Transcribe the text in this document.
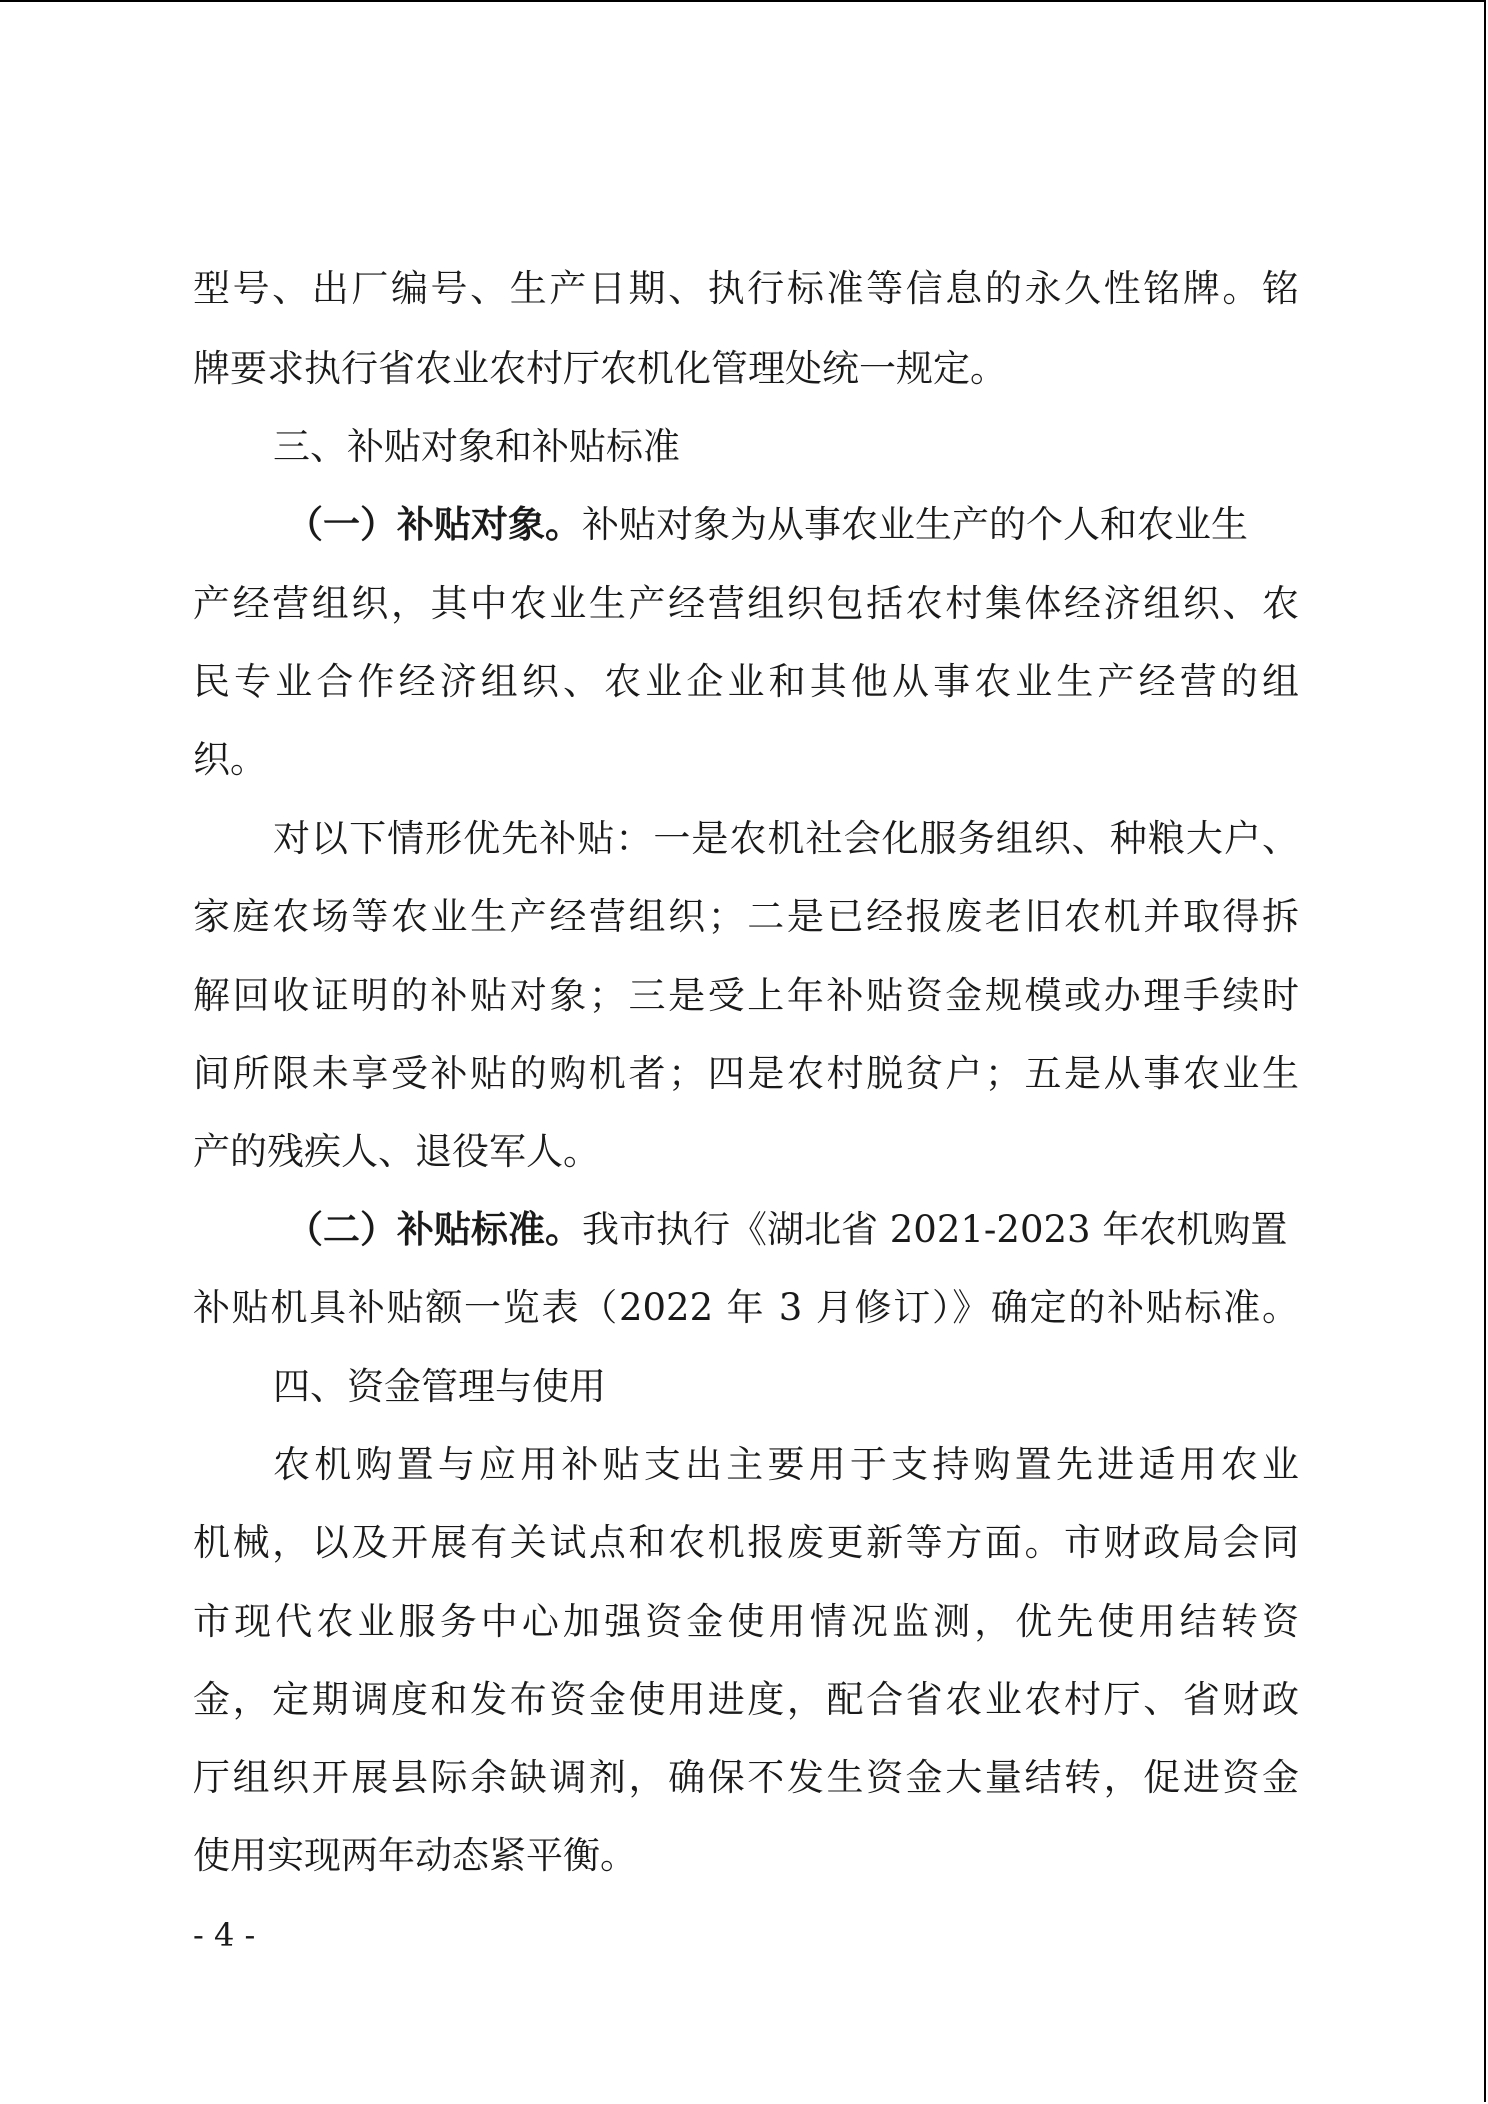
型号、出厂编号、生产日期、执行标准等信息的永久性铭牌。铭
牌要求执行省农业农村厅农机化管理处统一规定。
三、补贴对象和补贴标准
（一）补贴对象。补贴对象为从事农业生产的个人和农业生
产经营组织，其中农业生产经营组织包括农村集体经济组织、农
民专业合作经济组织、农业企业和其他从事农业生产经营的组
织。
对以下情形优先补贴：一是农机社会化服务组织、种粮大户、
家庭农场等农业生产经营组织；二是已经报废老旧农机并取得拆
解回收证明的补贴对象；三是受上年补贴资金规模或办理手续时
间所限未享受补贴的购机者；四是农村脱贫户；五是从事农业生
产的残疾人、退役军人。
（二）补贴标准。我市执行《湖北省 2021-2023 年农机购置
补贴机具补贴额一览表（2022 年 3 月修订）》确定的补贴标准。
四、资金管理与使用
农机购置与应用补贴支出主要用于支持购置先进适用农业
机械，以及开展有关试点和农机报废更新等方面。市财政局会同
市现代农业服务中心加强资金使用情况监测，优先使用结转资
金，定期调度和发布资金使用进度，配合省农业农村厅、省财政
厅组织开展县际余缺调剂，确保不发生资金大量结转，促进资金
使用实现两年动态紧平衡。
- 4 -
